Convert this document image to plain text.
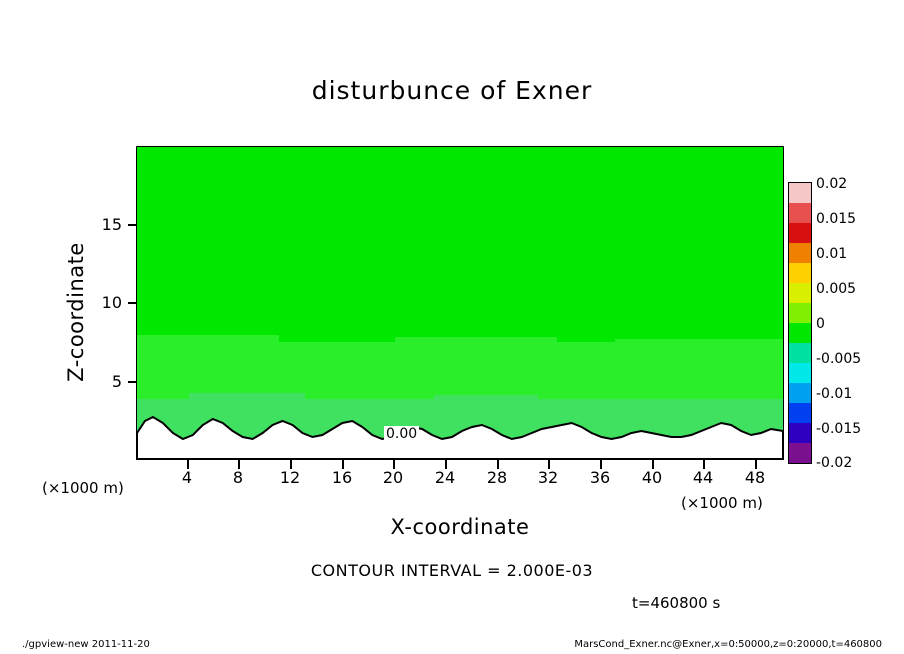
disturbunce of Exner
0.00
15
10
5
4	8	12	16	20	24	28	32	36	40	44	48
Z-coordinate
X-coordinate
(×1000 m)
(×1000 m)
0.02
0.015
0.01
0.005
0
-0.005
-0.01
-0.015
-0.02
CONTOUR INTERVAL = 2.000E-03
t=460800 s
./gpview-new 2011-11-20	MarsCond_Exner.nc@Exner,x=0:50000,z=0:20000,t=460800
